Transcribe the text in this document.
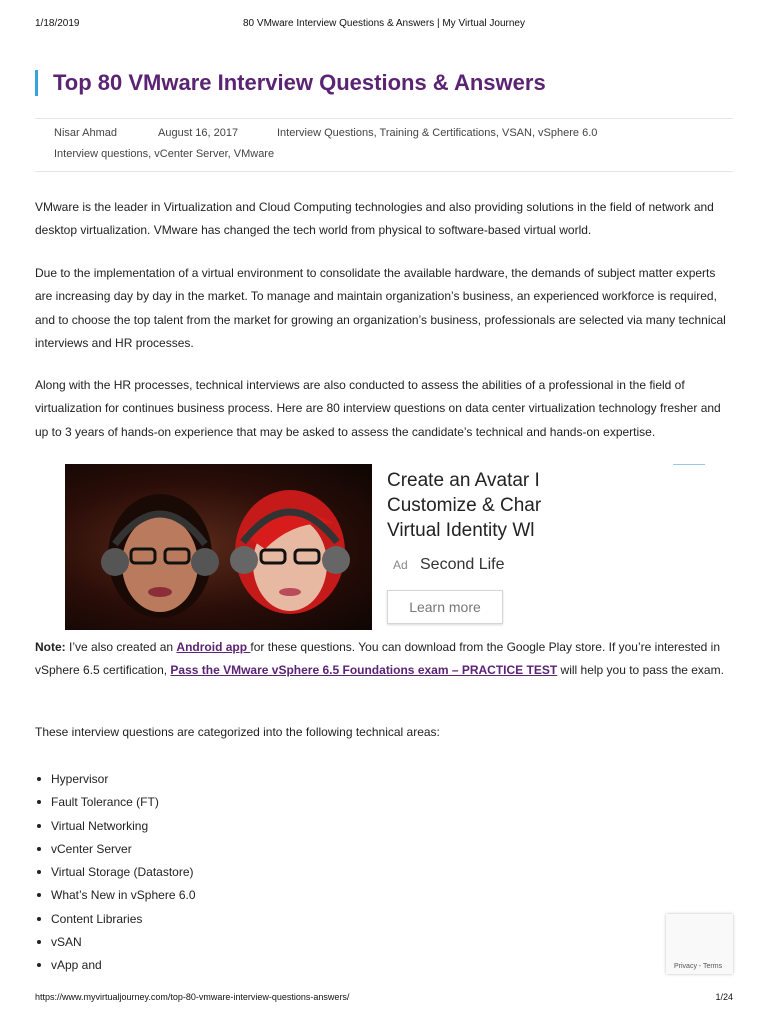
1/18/2019	80 VMware Interview Questions & Answers | My Virtual Journey
Top 80 VMware Interview Questions & Answers
Nisar Ahmad	August 16, 2017	Interview Questions, Training & Certifications, VSAN, vSphere 6.0
Interview questions, vCenter Server, VMware

VMware is the leader in Virtualization and Cloud Computing technologies and also providing solutions in the field of network and desktop virtualization. VMware has changed the tech world from physical to software-based virtual world.

Due to the implementation of a virtual environment to consolidate the available hardware, the demands of subject matter experts are increasing day by day in the market. To manage and maintain organization’s business, an experienced workforce is required, and to choose the top talent from the market for growing an organization’s business, professionals are selected via many technical interviews and HR processes.

Along with the HR processes, technical interviews are also conducted to assess the abilities of a professional in the field of virtualization for continues business process. Here are 80 interview questions on data center virtualization technology fresher and up to 3 years of hands-on experience that may be asked to assess the candidate’s technical and hands-on expertise.

Create an Avatar I
Customize & Char
Virtual Identity Wl
Ad Second Life
Learn more
Note: I’ve also created an Android app for these questions. You can download from the Google Play store. If you’re interested in vSphere 6.5 certification, Pass the VMware vSphere 6.5 Foundations exam – PRACTICE TEST will help you to pass the exam.
These interview questions are categorized into the following technical areas:
Hypervisor
Fault Tolerance (FT)
Virtual Networking
vCenter Server
Virtual Storage (Datastore)
What’s New in vSphere 6.0
Content Libraries
vSAN
vApp and	Privacy - Terms
https://www.myvirtualjourney.com/top-80-vmware-interview-questions-answers/	1/24
